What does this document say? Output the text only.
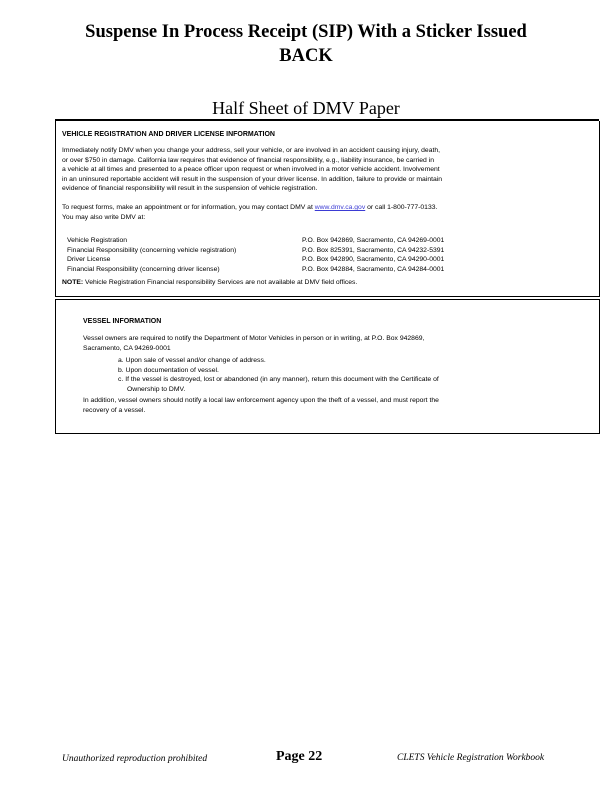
Suspense In Process Receipt (SIP) With a Sticker Issued
BACK
Half Sheet of DMV Paper
VEHICLE REGISTRATION AND DRIVER LICENSE INFORMATION
Immediately notify DMV when you change your address, sell your vehicle, or are involved in an accident causing injury, death,
or over $750 in damage. California law requires that evidence of financial responsibility, e.g., liability insurance, be carried in
a vehicle at all times and presented to a peace officer upon request or when involved in a motor vehicle accident. Involvement
in an uninsured reportable accident will result in the suspension of your driver license. In addition, failure to provide or maintain
evidence of financial responsibility will result in the suspension of vehicle registration.
To request forms, make an appointment or for information, you may contact DMV at www.dmv.ca.gov or call 1-800-777-0133.
You may also write DMV at:
Vehicle Registration	P.O. Box 942869, Sacramento, CA 94269-0001
Financial Responsibility (concerning vehicle registration)	P.O. Box 825391, Sacramento, CA 94232-5391
Driver License	P.O. Box 942890, Sacramento, CA 94290-0001
Financial Responsibility (concerning driver license)	P.O. Box 942884, Sacramento, CA 94284-0001
NOTE: Vehicle Registration Financial responsibility Services are not available at DMV field offices.
VESSEL INFORMATION
Vessel owners are required to notify the Department of Motor Vehicles in person or in writing, at P.O. Box 942869,
Sacramento, CA 94269-0001
a. Upon sale of vessel and/or change of address.
b. Upon documentation of vessel.
c. If the vessel is destroyed, lost or abandoned (in any manner), return this document with the Certificate of
Ownership to DMV.
In addition, vessel owners should notify a local law enforcement agency upon the theft of a vessel, and must report the
recovery of a vessel.
Unauthorized reproduction prohibited	Page 22	CLETS Vehicle Registration Workbook
